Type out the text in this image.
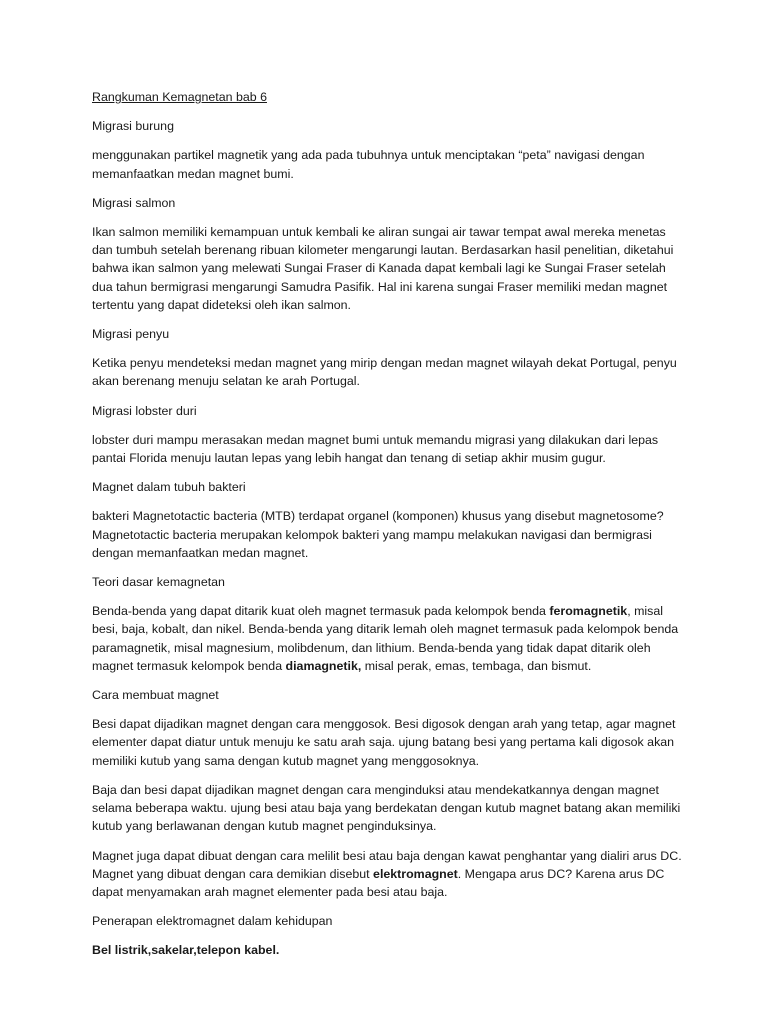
Rangkuman Kemagnetan bab 6

Migrasi burung

menggunakan partikel magnetik yang ada pada tubuhnya untuk menciptakan “peta” navigasi dengan memanfaatkan medan magnet bumi.

Migrasi salmon

Ikan salmon memiliki kemampuan untuk kembali ke aliran sungai air tawar tempat awal mereka menetas dan tumbuh setelah berenang ribuan kilometer mengarungi lautan. Berdasarkan hasil penelitian, diketahui bahwa ikan salmon yang melewati Sungai Fraser di Kanada dapat kembali lagi ke Sungai Fraser setelah dua tahun bermigrasi mengarungi Samudra Pasifik. Hal ini karena sungai Fraser memiliki medan magnet tertentu yang dapat dideteksi oleh ikan salmon.

Migrasi penyu

Ketika penyu mendeteksi medan magnet yang mirip dengan medan magnet wilayah dekat Portugal, penyu akan berenang menuju selatan ke arah Portugal.

Migrasi lobster duri

lobster duri mampu merasakan medan magnet bumi untuk memandu migrasi yang dilakukan dari lepas pantai Florida menuju lautan lepas yang lebih hangat dan tenang di setiap akhir musim gugur.

Magnet dalam tubuh bakteri

bakteri Magnetotactic bacteria (MTB) terdapat organel (komponen) khusus yang disebut magnetosome? Magnetotactic bacteria merupakan kelompok bakteri yang mampu melakukan navigasi dan bermigrasi dengan memanfaatkan medan magnet.

Teori dasar kemagnetan

Benda-benda yang dapat ditarik kuat oleh magnet termasuk pada kelompok benda feromagnetik, misal besi, baja, kobalt, dan nikel. Benda-benda yang ditarik lemah oleh magnet termasuk pada kelompok benda paramagnetik, misal magnesium, molibdenum, dan lithium. Benda-benda yang tidak dapat ditarik oleh magnet termasuk kelompok benda diamagnetik, misal perak, emas, tembaga, dan bismut.

Cara membuat magnet

Besi dapat dijadikan magnet dengan cara menggosok. Besi digosok dengan arah yang tetap, agar magnet elementer dapat diatur untuk menuju ke satu arah saja. ujung batang besi yang pertama kali digosok akan memiliki kutub yang sama dengan kutub magnet yang menggosoknya.

Baja dan besi dapat dijadikan magnet dengan cara menginduksi atau mendekatkannya dengan magnet selama beberapa waktu. ujung besi atau baja yang berdekatan dengan kutub magnet batang akan memiliki kutub yang berlawanan dengan kutub magnet penginduksinya.

Magnet juga dapat dibuat dengan cara melilit besi atau baja dengan kawat penghantar yang dialiri arus DC. Magnet yang dibuat dengan cara demikian disebut elektromagnet. Mengapa arus DC? Karena arus DC dapat menyamakan arah magnet elementer pada besi atau baja.

Penerapan elektromagnet dalam kehidupan

Bel listrik,sakelar,telepon kabel.
